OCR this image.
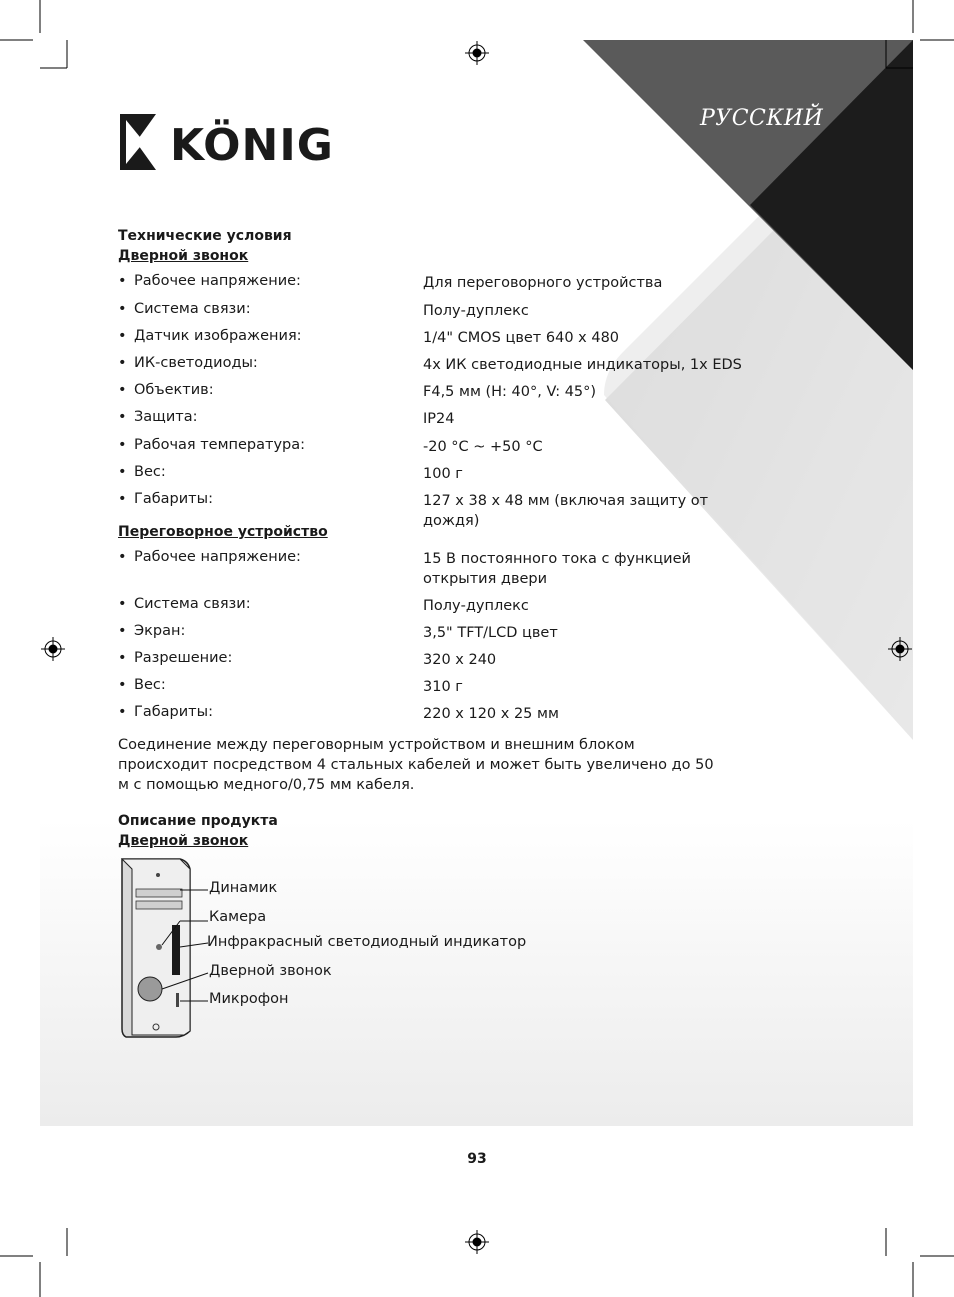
РУССКИЙ
KÖNIG
Технические условия
Дверной звонок
• Рабочее напряжение:	Для переговорного устройства
• Система связи:	Полу-дуплекс
• Датчик изображения:	1/4" CMOS цвет 640 x 480
• ИК-светодиоды:	4x ИК светодиодные индикаторы, 1x EDS
• Объектив:	F4,5 мм (H: 40°, V: 45°)
• Защита:	IP24
• Рабочая температура:	-20 °C ~ +50 °C
• Вес:	100 г
• Габариты:	127 x 38 x 48 мм (включая защиту от дождя)
Переговорное устройство
• Рабочее напряжение:	15 В постоянного тока с функцией открытия двери
• Система связи:	Полу-дуплекс
• Экран:	3,5" TFT/LCD цвет
• Разрешение:	320 x 240
• Вес:	310 г
• Габариты:	220 x 120 x 25 мм
Соединение между переговорным устройством и внешним блоком происходит посредством 4 стальных кабелей и может быть увеличено до 50 м с помощью медного/0,75 мм кабеля.
Описание продукта
Дверной звонок
Динамик
Камера
Инфракрасный светодиодный индикатор
Дверной звонок
Микрофон
93
